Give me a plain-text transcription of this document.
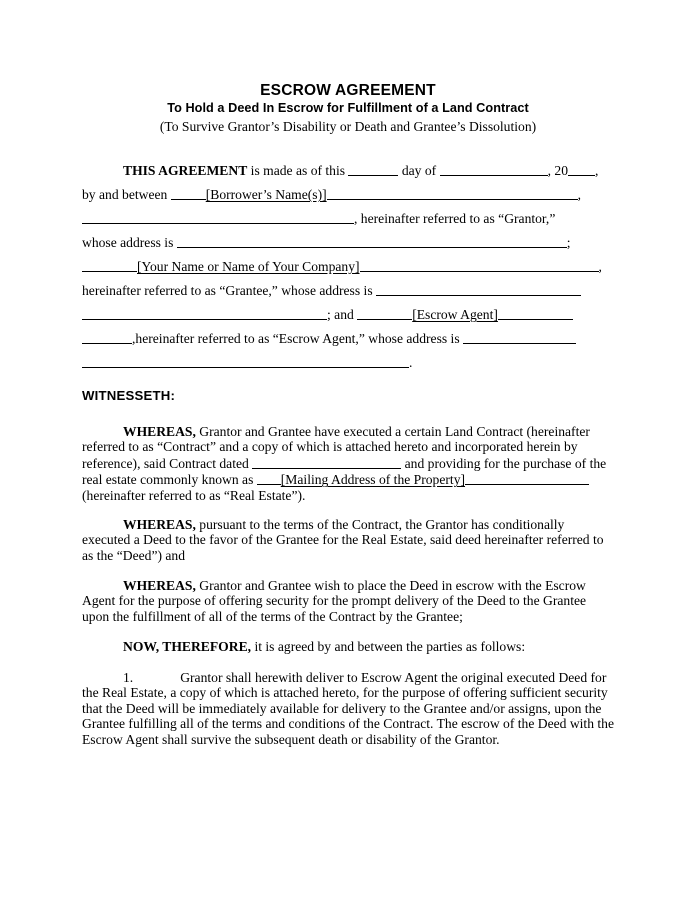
ESCROW AGREEMENT
To Hold a Deed In Escrow for Fulfillment of a Land Contract
(To Survive Grantor’s Disability or Death and Grantee’s Dissolution)
THIS AGREEMENT is made as of this	day of	, 20 ,
by and between	[Borrower’s Name(s)]	,
, hereinafter referred to as “Grantor,”
whose address is	;
[Your Name or Name of Your Company]	,
hereinafter referred to as “Grantee,” whose address is
; and	[Escrow Agent]
,hereinafter referred to as “Escrow Agent,” whose address is
.
WITNESSETH:
WHEREAS, Grantor and Grantee have executed a certain Land Contract (hereinafter referred to as “Contract” and a copy of which is attached hereto and incorporated herein by reference), said Contract dated	and providing for the purchase of the real estate commonly known as [Mailing Address of the Property]
(hereinafter referred to as “Real Estate”).
WHEREAS, pursuant to the terms of the Contract, the Grantor has conditionally executed a Deed to the favor of the Grantee for the Real Estate, said deed hereinafter referred to as the “Deed”) and
WHEREAS, Grantor and Grantee wish to place the Deed in escrow with the Escrow Agent for the purpose of offering security for the prompt delivery of the Deed to the Grantee upon the fulfillment of all of the terms of the Contract by the Grantee;
NOW, THEREFORE, it is agreed by and between the parties as follows:
1.	Grantor shall herewith deliver to Escrow Agent the original executed Deed for the Real Estate, a copy of which is attached hereto, for the purpose of offering sufficient security that the Deed will be immediately available for delivery to the Grantee and/or assigns, upon the Grantee fulfilling all of the terms and conditions of the Contract. The escrow of the Deed with the Escrow Agent shall survive the subsequent death or disability of the Grantor.
